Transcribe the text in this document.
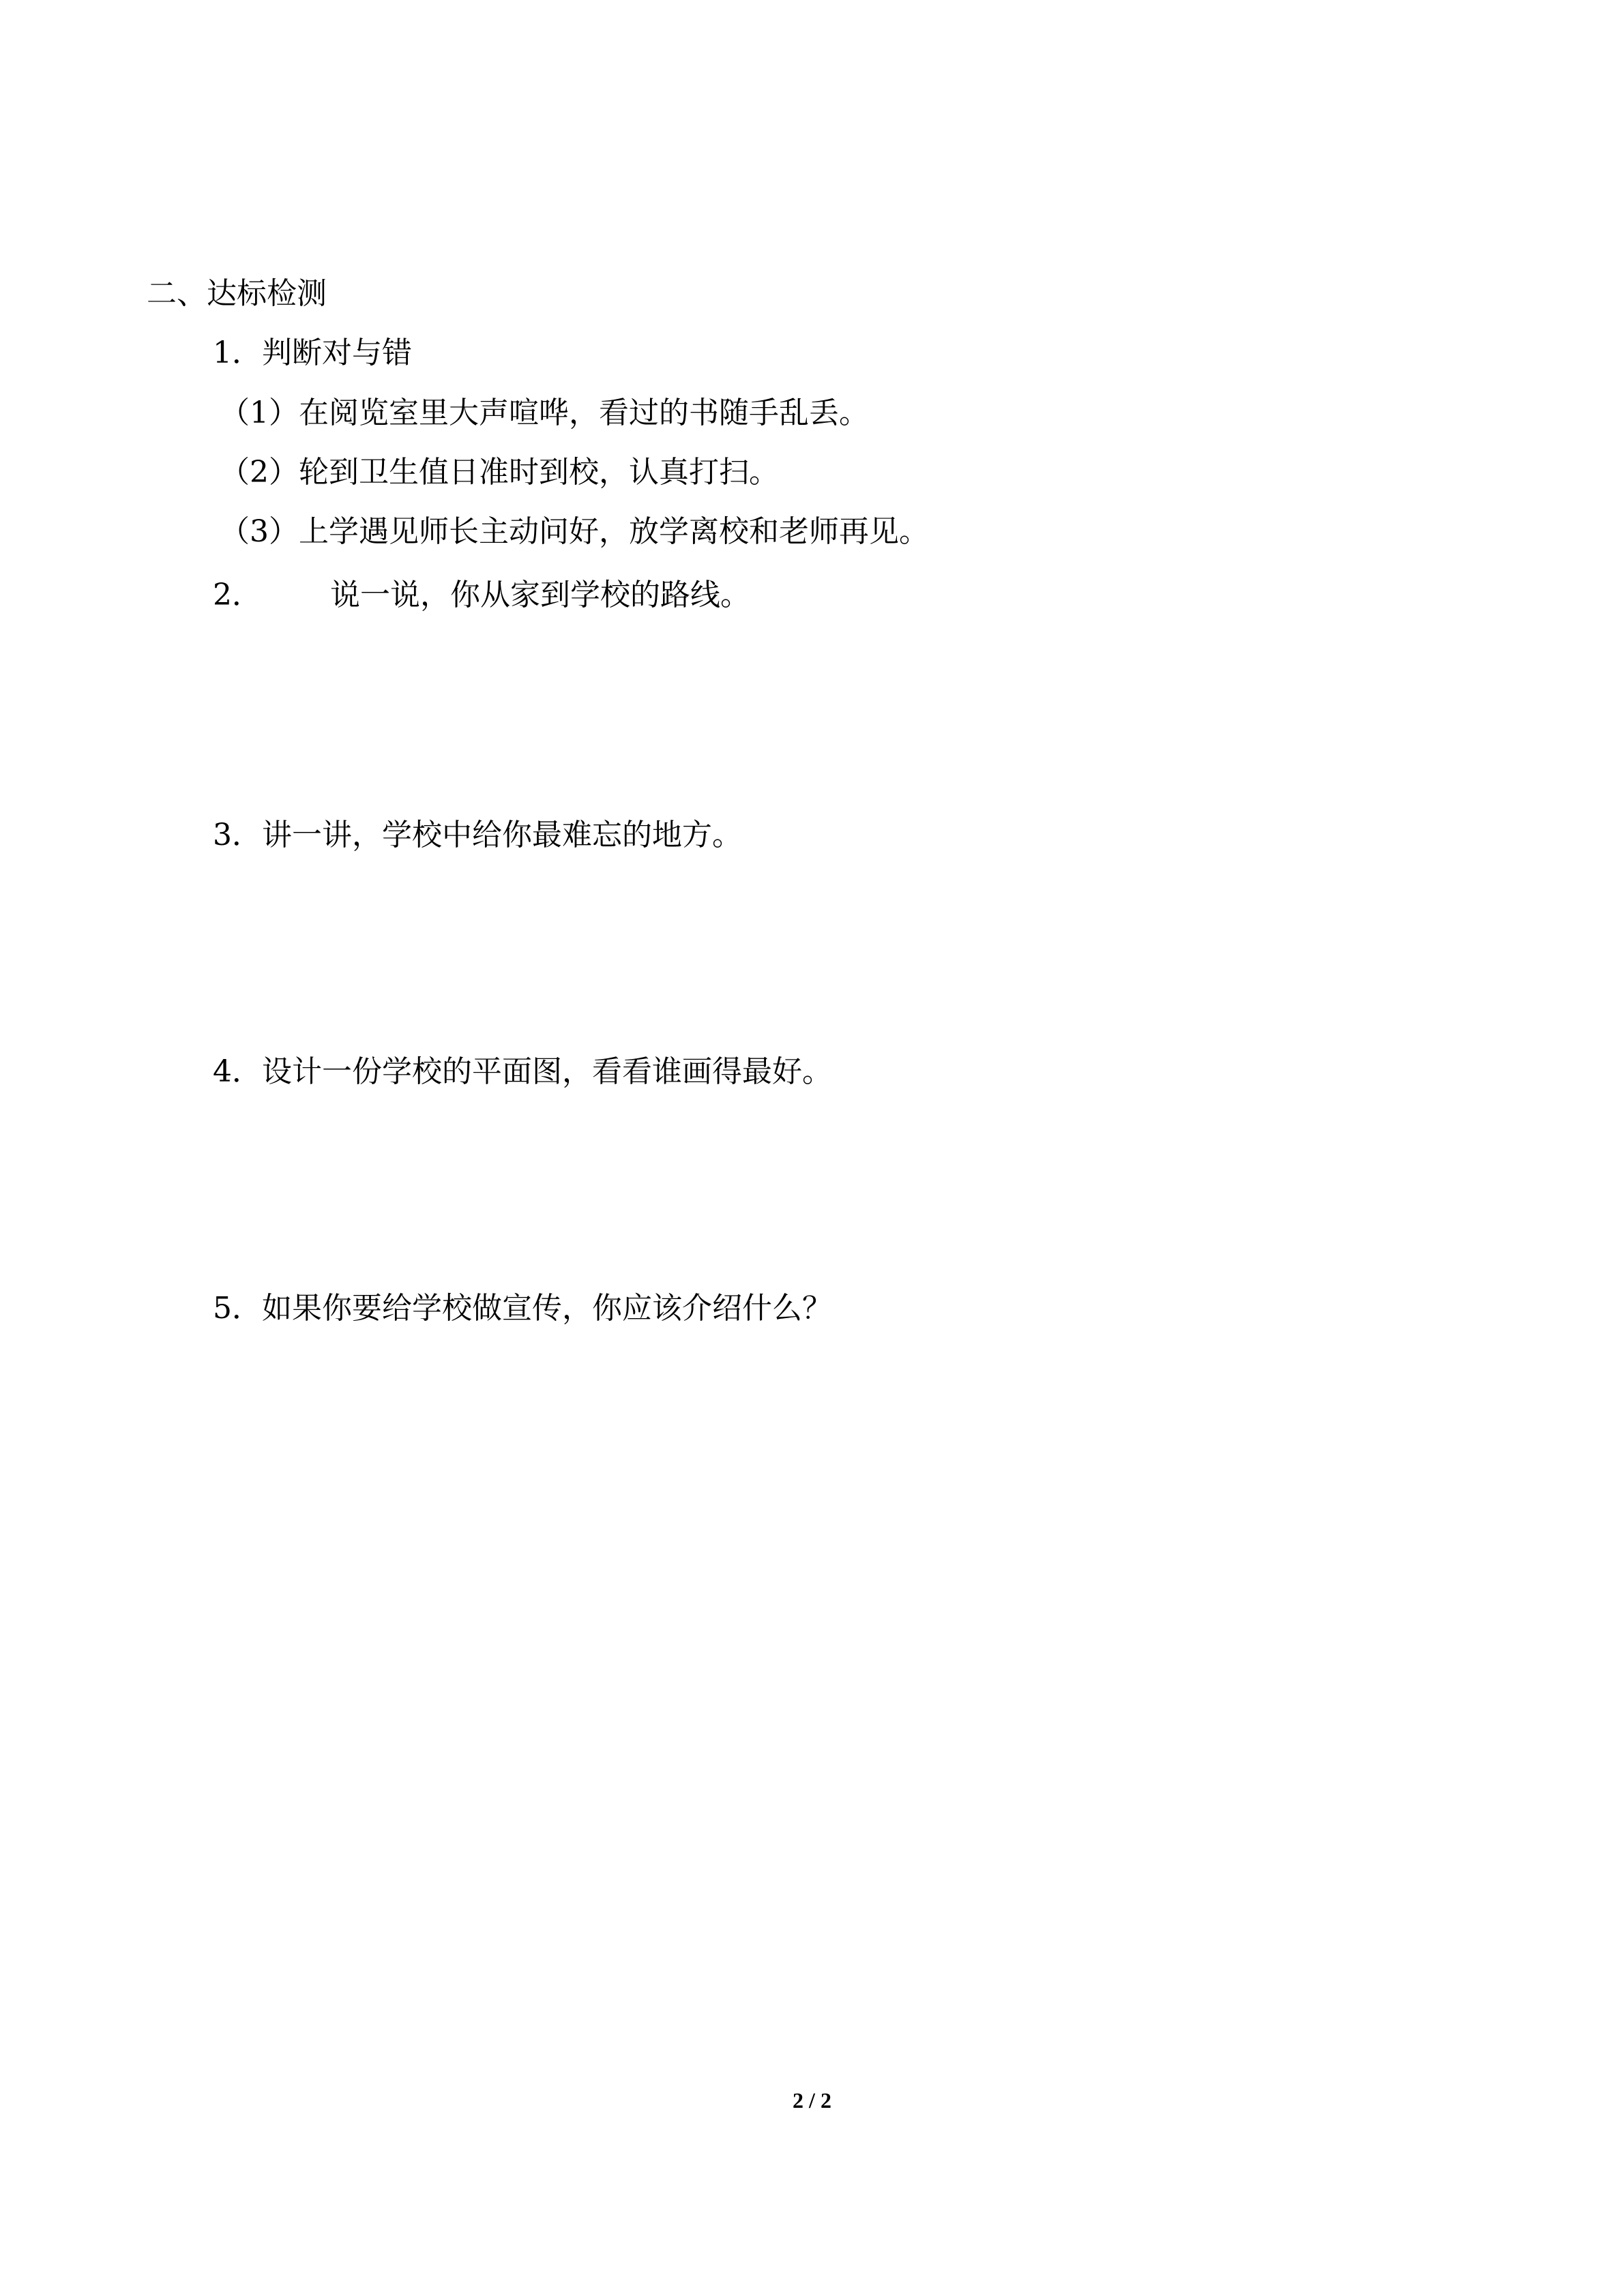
二、达标检测
1．判断对与错
（1）在阅览室里大声喧哗，看过的书随手乱丢。
（2）轮到卫生值日准时到校，认真打扫。
（3）上学遇见师长主动问好，放学离校和老师再见。
2． 说一说，你从家到学校的路线。
3．讲一讲，学校中给你最难忘的地方。
4．设计一份学校的平面图，看看谁画得最好。
5．如果你要给学校做宣传，你应该介绍什么？
2 / 2
